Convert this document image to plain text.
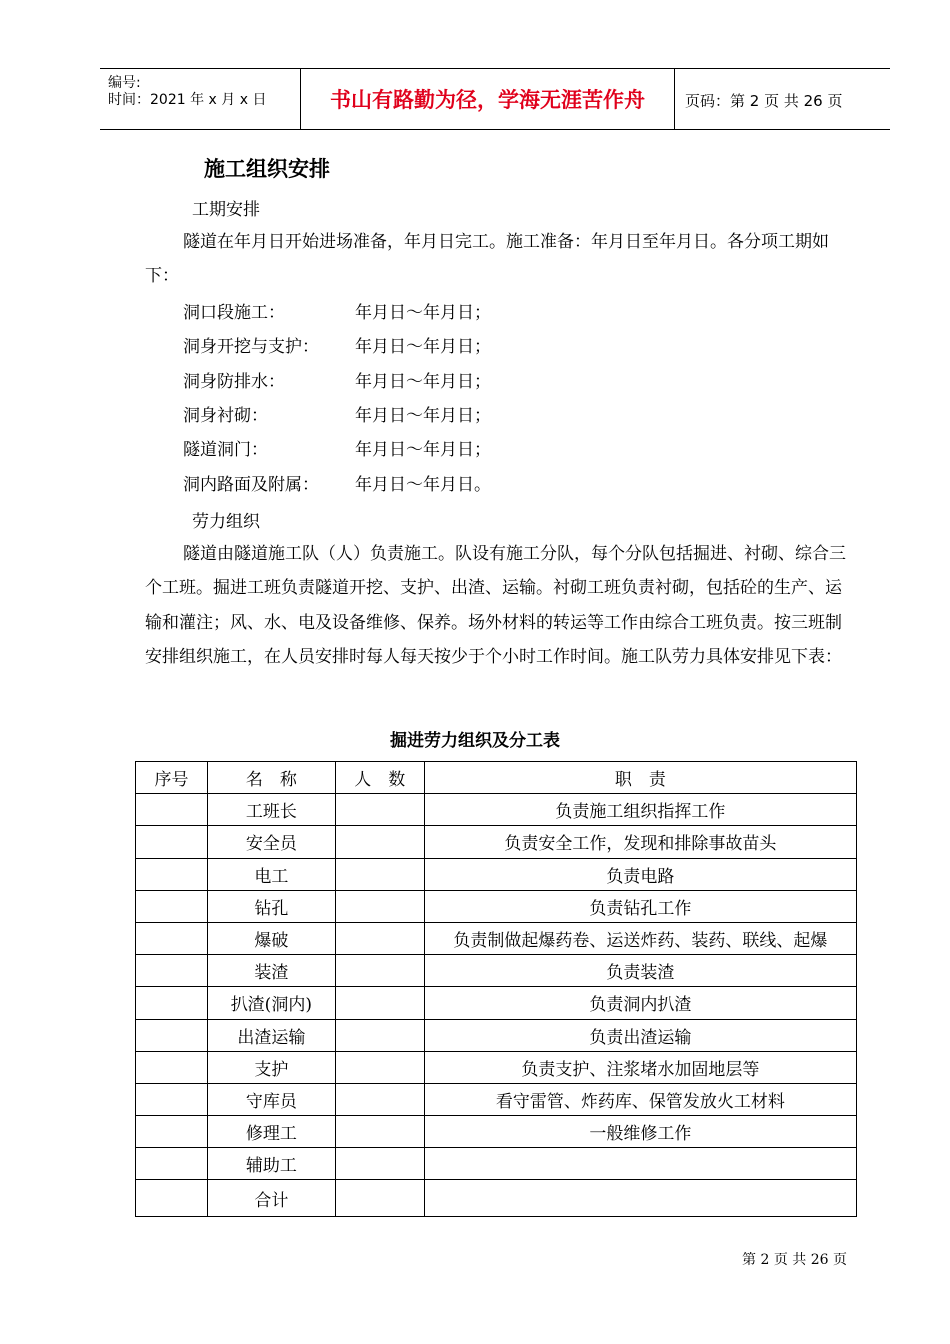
编号:
时间：2021 年 x 月 x 日	书山有路勤为径，学海无涯苦作舟	页码：第 2 页 共 26 页
施工组织安排
工期安排

隧道在年月日开始进场准备，年月日完工。施工准备：年月日至年月日。各分项工期如下：

洞口段施工：	年月日～年月日；
洞身开挖与支护： 年月日～年月日；
洞身防排水：	年月日～年月日；
洞身衬砌：	年月日～年月日；
隧道洞门：	年月日～年月日；
洞内路面及附属： 年月日～年月日。
劳力组织

隧道由隧道施工队（人）负责施工。队设有施工分队，每个分队包括掘进、衬砌、综合三个工班。掘进工班负责隧道开挖、支护、出渣、运输。衬砌工班负责衬砌，包括砼的生产、运输和灌注；风、水、电及设备维修、保养。场外材料的转运等工作由综合工班负责。按三班制安排组织施工，在人员安排时每人每天按少于个小时工作时间。施工队劳力具体安排见下表：

掘进劳力组织及分工表
序号	名　称	人　数	职　责
	工班长		负责施工组织指挥工作
	安全员		负责安全工作，发现和排除事故苗头
	电工		负责电路
	钻孔		负责钻孔工作
	爆破		负责制做起爆药卷、运送炸药、装药、联线、起爆
	装渣		负责装渣
	扒渣(洞内)		负责洞内扒渣
	出渣运输		负责出渣运输
	支护		负责支护、注浆堵水加固地层等
	守库员		看守雷管、炸药库、保管发放火工材料
	修理工		一般维修工作
	辅助工		
	合计		
第 2 页 共 26 页
